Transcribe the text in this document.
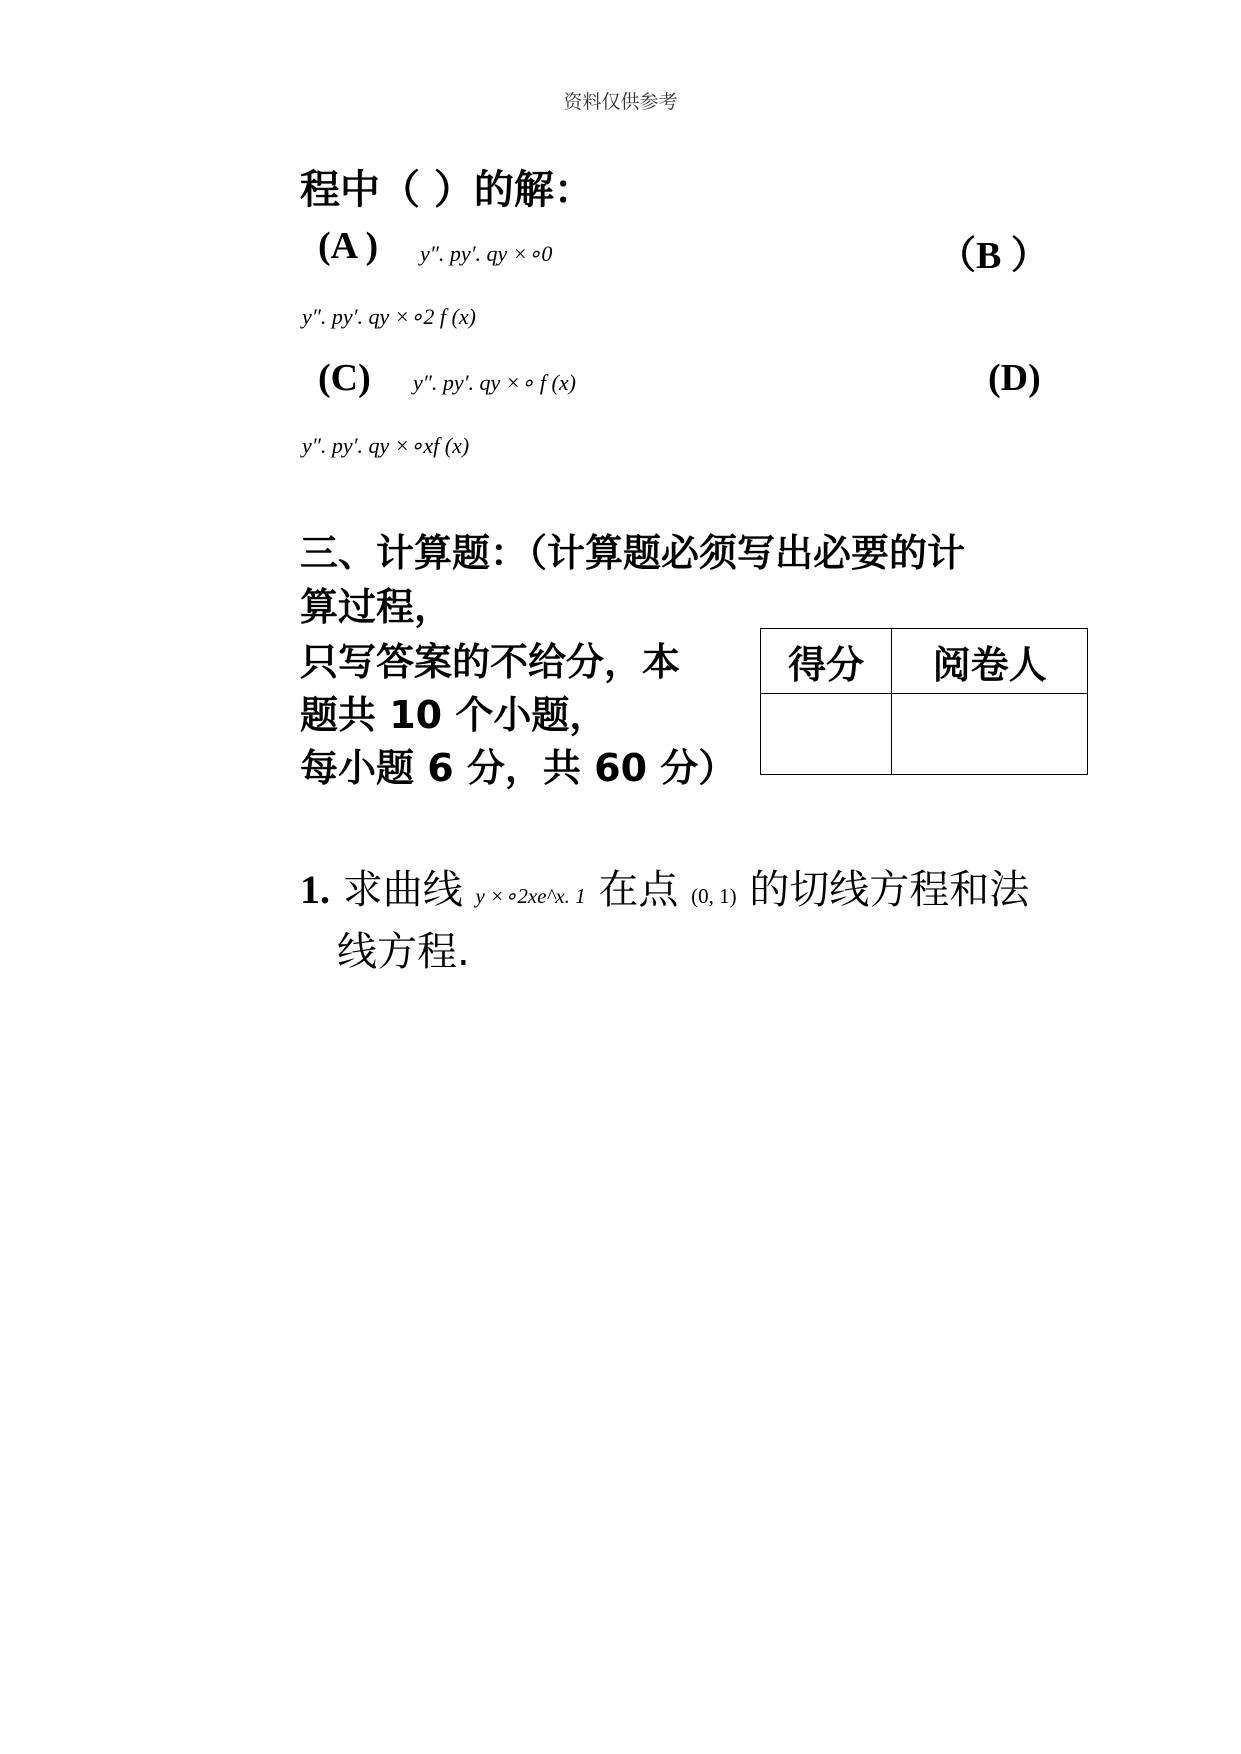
资料仅供参考
程中（ ）的解：
(A ) y″. py′. qy ×∘0	（B ）
y″. py′. qy ×∘2 f (x)
(C) y″. py′. qy ×∘ f (x)	(D)
y″. py′. qy ×∘xf (x)
三、计算题：（计算题必须写出必要的计
算过程，
只写答案的不给分，本
题共 10 个小题，
每小题 6 分，共 60 分）
得分	阅卷人

1. 求曲线 y ×∘2xe^x. 1 在点 (0, 1) 的切线方程和法
线方程.
